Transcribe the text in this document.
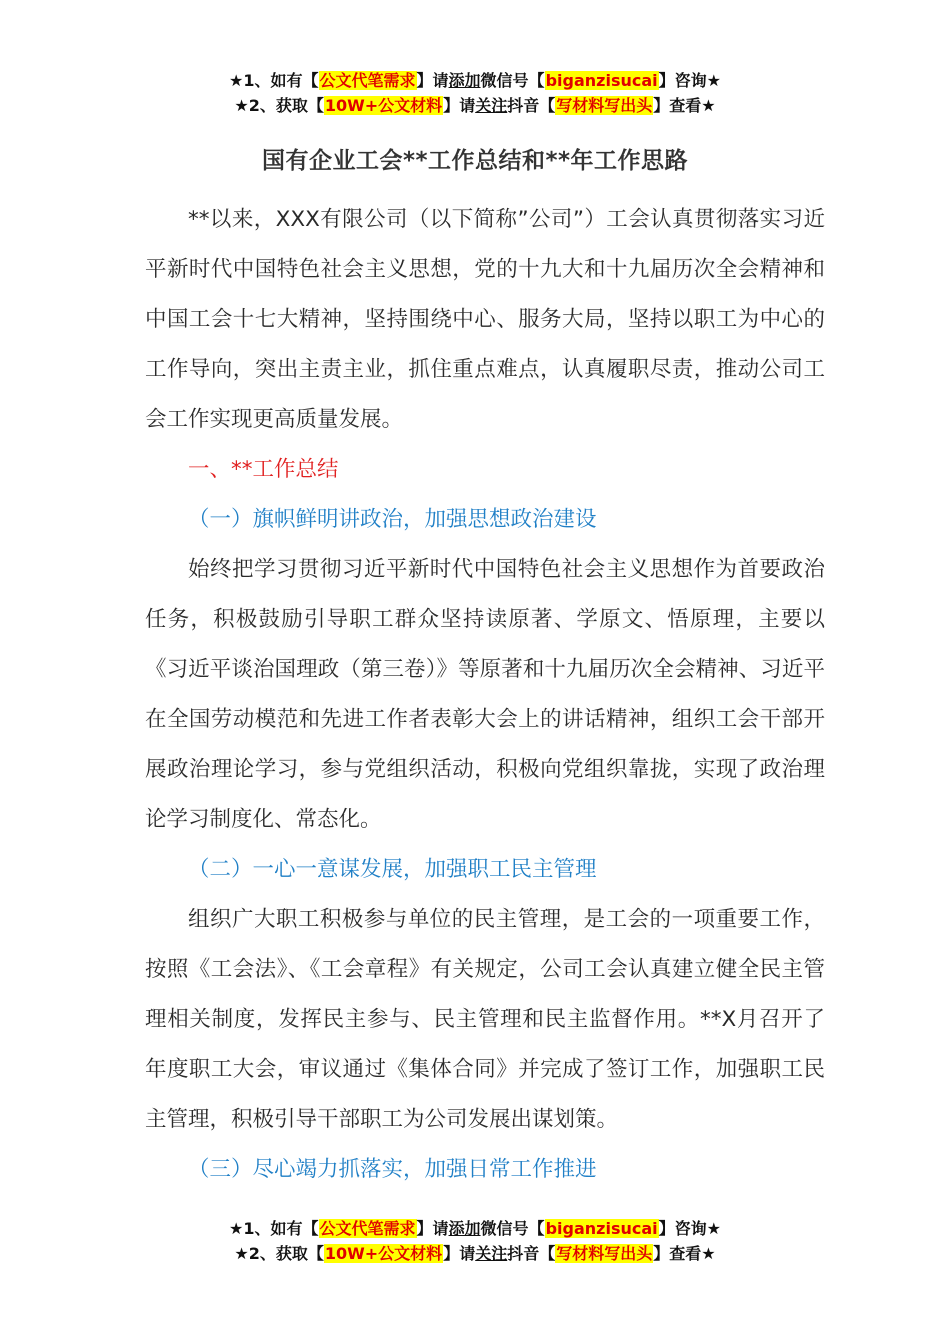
★1、如有【公文代笔需求】请添加微信号【biganzisucai】咨询★
★2、获取【10W+公文材料】请关注抖音【写材料写出头】查看★
国有企业工会**工作总结和**年工作思路

**以来，XXX有限公司（以下简称”公司”）工会认真贯彻落实习近平新时代中国特色社会主义思想，党的十九大和十九届历次全会精神和中国工会十七大精神，坚持围绕中心、服务大局，坚持以职工为中心的工作导向，突出主责主业，抓住重点难点，认真履职尽责，推动公司工会工作实现更高质量发展。

一、**工作总结

（一）旗帜鲜明讲政治，加强思想政治建设

始终把学习贯彻习近平新时代中国特色社会主义思想作为首要政治任务，积极鼓励引导职工群众坚持读原著、学原文、悟原理，主要以《习近平谈治国理政（第三卷）》等原著和十九届历次全会精神、习近平在全国劳动模范和先进工作者表彰大会上的讲话精神，组织工会干部开展政治理论学习，参与党组织活动，积极向党组织靠拢，实现了政治理论学习制度化、常态化。

（二）一心一意谋发展，加强职工民主管理

组织广大职工积极参与单位的民主管理，是工会的一项重要工作，按照《工会法》、《工会章程》有关规定，公司工会认真建立健全民主管理相关制度，发挥民主参与、民主管理和民主监督作用。**X月召开了年度职工大会，审议通过《集体合同》并完成了签订工作，加强职工民主管理，积极引导干部职工为公司发展出谋划策。

（三）尽心竭力抓落实，加强日常工作推进

★1、如有【公文代笔需求】请添加微信号【biganzisucai】咨询★
★2、获取【10W+公文材料】请关注抖音【写材料写出头】查看★
